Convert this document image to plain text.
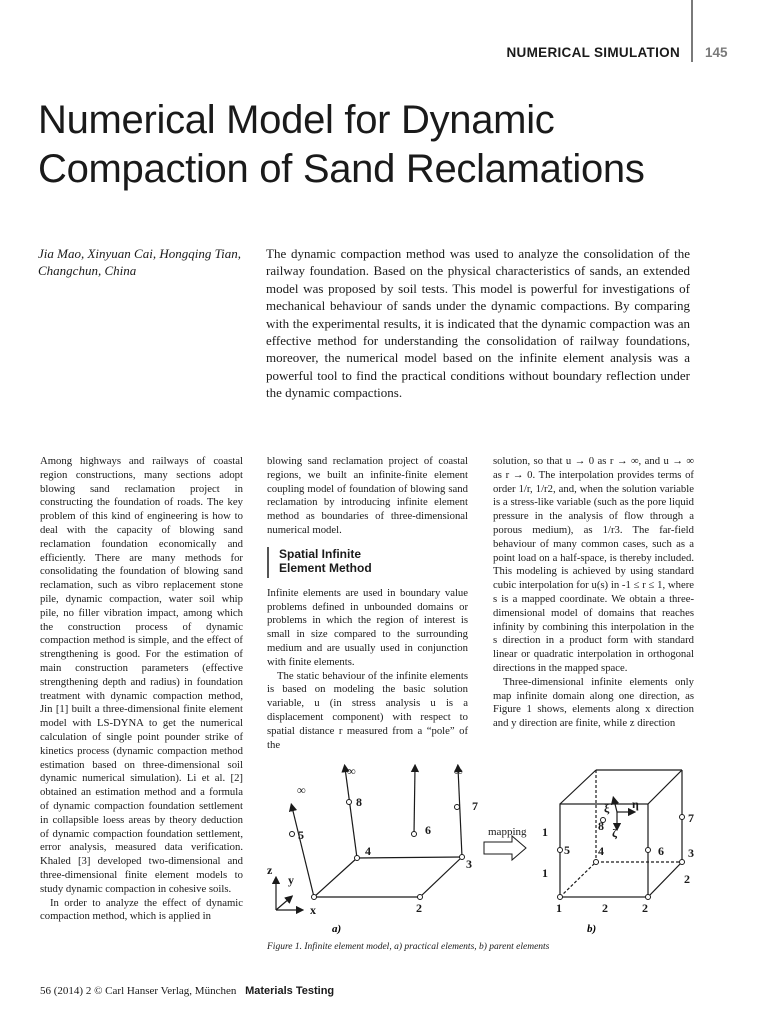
NUMERICAL SIMULATION 145
Numerical Model for Dynamic
Compaction of Sand Reclamations
Jia Mao, Xinyuan Cai, Hongqing Tian, Changchun, China
The dynamic compaction method was used to analyze the consolidation of the railway foundation. Based on the physical characteristics of sands, an extended model was proposed by soil tests. This model is powerful for investigations of mechanical behaviour of sands under the dynamic compactions. By comparing with the experimental results, it is indicated that the dynamic compaction was an effective method for understanding the consolidation of railway foundations, moreover, the numerical model based on the infinite element analysis was a powerful tool to find the practical conditions without boundary reflection under the dynamic compactions.

Among highways and railways of coastal region constructions, many sections adopt blowing sand reclamation project in constructing the foundation of roads. The key problem of this kind of engineering is how to deal with the capacity of blowing sand reclamation foundation economically and efficiently. There are many methods for consolidating the foundation of blowing sand reclamation, such as vibro replacement stone pile, dynamic compaction, water soil whip pile, no filler vibration impact, among which the construction process of dynamic compaction method is simple, and the effect of strengthening is good. For the estimation of main construction parameters (effective strengthening depth and radius) in foundation treatment with dynamic compaction method, Jin [1] built a three-dimensional finite element model with LS-DYNA to get the numerical calculation of single point pounder strike of kinetics process (dynamic compaction method estimation based on three-dimensional soil dynamic numerical simulation). Li et al. [2] obtained an estimation method and a formula of dynamic compaction foundation settlement in collapsible loess areas by theory deduction of dynamic compaction foundation settlement, error analysis, measured data verification. Khaled [3] developed two-dimensional and three-dimensional finite element models to study dynamic compaction in cohesive soils.

In order to analyze the effect of dynamic compaction method, which is applied in

blowing sand reclamation project of coastal regions, we built an infinite-finite element coupling model of foundation of blowing sand reclamation by introducing infinite element method as boundaries of three-dimensional numerical model.

Spatial Infinite
Element Method

Infinite elements are used in boundary value problems defined in unbounded domains or problems in which the region of interest is small in size compared to the surrounding medium and are usually used in conjunction with finite elements.

The static behaviour of the infinite elements is based on modeling the basic solution variable, u (in stress analysis u is a displacement component) with respect to spatial distance r measured from a “pole” of the

solution, so that u → 0 as r → ∞, and u → ∞ as r → 0. The interpolation provides terms of order 1/r, 1/r2, and, when the solution variable is a stress-like variable (such as the pore liquid pressure in the analysis of flow through a porous medium), as 1/r3. The far-field behaviour of many common cases, such as a point load on a half-space, is thereby included. This modeling is achieved by using standard cubic interpolation for u(s) in -1 ≤ r ≤ 1, where s is a mapped coordinate. We obtain a three-dimensional model of domains that reaches infinity by combining this interpolation in the s direction in a product form with standard linear or quadratic interpolation in orthogonal directions in the mapped space.

Three-dimensional infinite elements only map infinite domain along one direction, as Figure 1 shows, elements along x direction and y direction are finite, while z direction

∞
∞	∞
5
8
4
6
7
3
2
z
y
x
a)
mapping
5
8
4	6
7
3
2
1	2	2
1
1
ξ η
ζ
b)
Figure 1. Infinite element model, a) practical elements, b) parent elements
56 (2014) 2 © Carl Hanser Verlag, München Materials Testing
